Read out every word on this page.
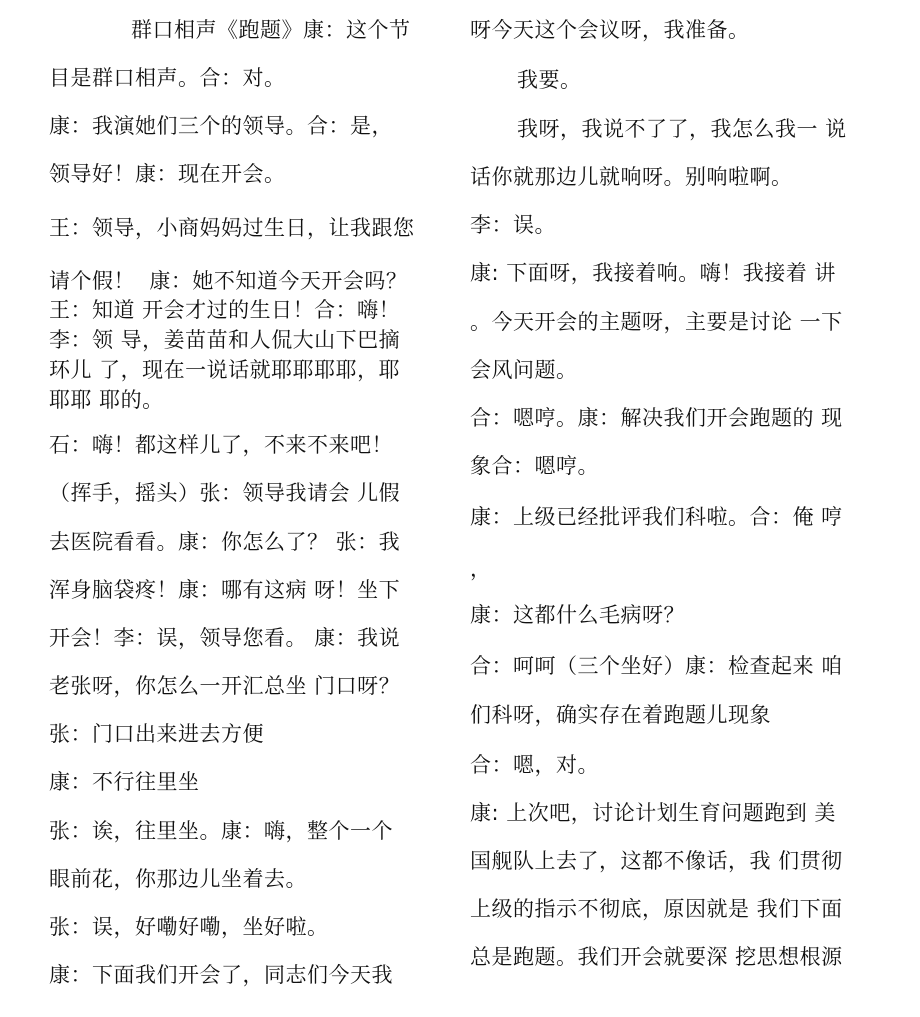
群口相声《跑题》康：这个节

目是群口相声。合：对。

康：我演她们三个的领导。合：是，

领导好！康：现在开会。

王：领导，小商妈妈过生日，让我跟您

请个假！  康：她不知道今天开会吗？

王：知道 开会才过的生日！合：嗨！

李：领 导，姜苗苗和人侃大山下巴摘

环儿 了，现在一说话就耶耶耶耶，耶

耶耶 耶的。

石：嗨！都这样儿了，不来不来吧！

（挥手，摇头）张：领导我请会 儿假

去医院看看。康：你怎么了？ 张：我

浑身脑袋疼！康：哪有这病 呀！坐下

开会！李：误，领导您看。 康：我说

老张呀，你怎么一开汇总坐 门口呀？

张：门口出来进去方便

康：不行往里坐

张：诶，往里坐。康：嗨，整个一个

眼前花，你那边儿坐着去。

张：误，好嘞好嘞，坐好啦。

康：下面我们开会了，同志们今天我

呀今天这个会议呀，我准备。

我要。

我呀，我说不了了，我怎么我一 说

话你就那边儿就响呀。别响啦啊。

李：误。

康: 下面呀，我接着响。嗨！我接着 讲

。今天开会的主题呀，主要是讨论 一下

会风问题。

合：嗯哼。康：解决我们开会跑题的 现

象合：嗯哼。

康：上级已经批评我们科啦。合：俺 哼

，

康：这都什么毛病呀？

合：呵呵（三个坐好）康：检查起来 咱

们科呀，确实存在着跑题儿现象

合：嗯，对。

康: 上次吧，讨论计划生育问题跑到 美

国舰队上去了，这都不像话，我 们贯彻

上级的指示不彻底，原因就是 我们下面

总是跑题。我们开会就要深 挖思想根源
